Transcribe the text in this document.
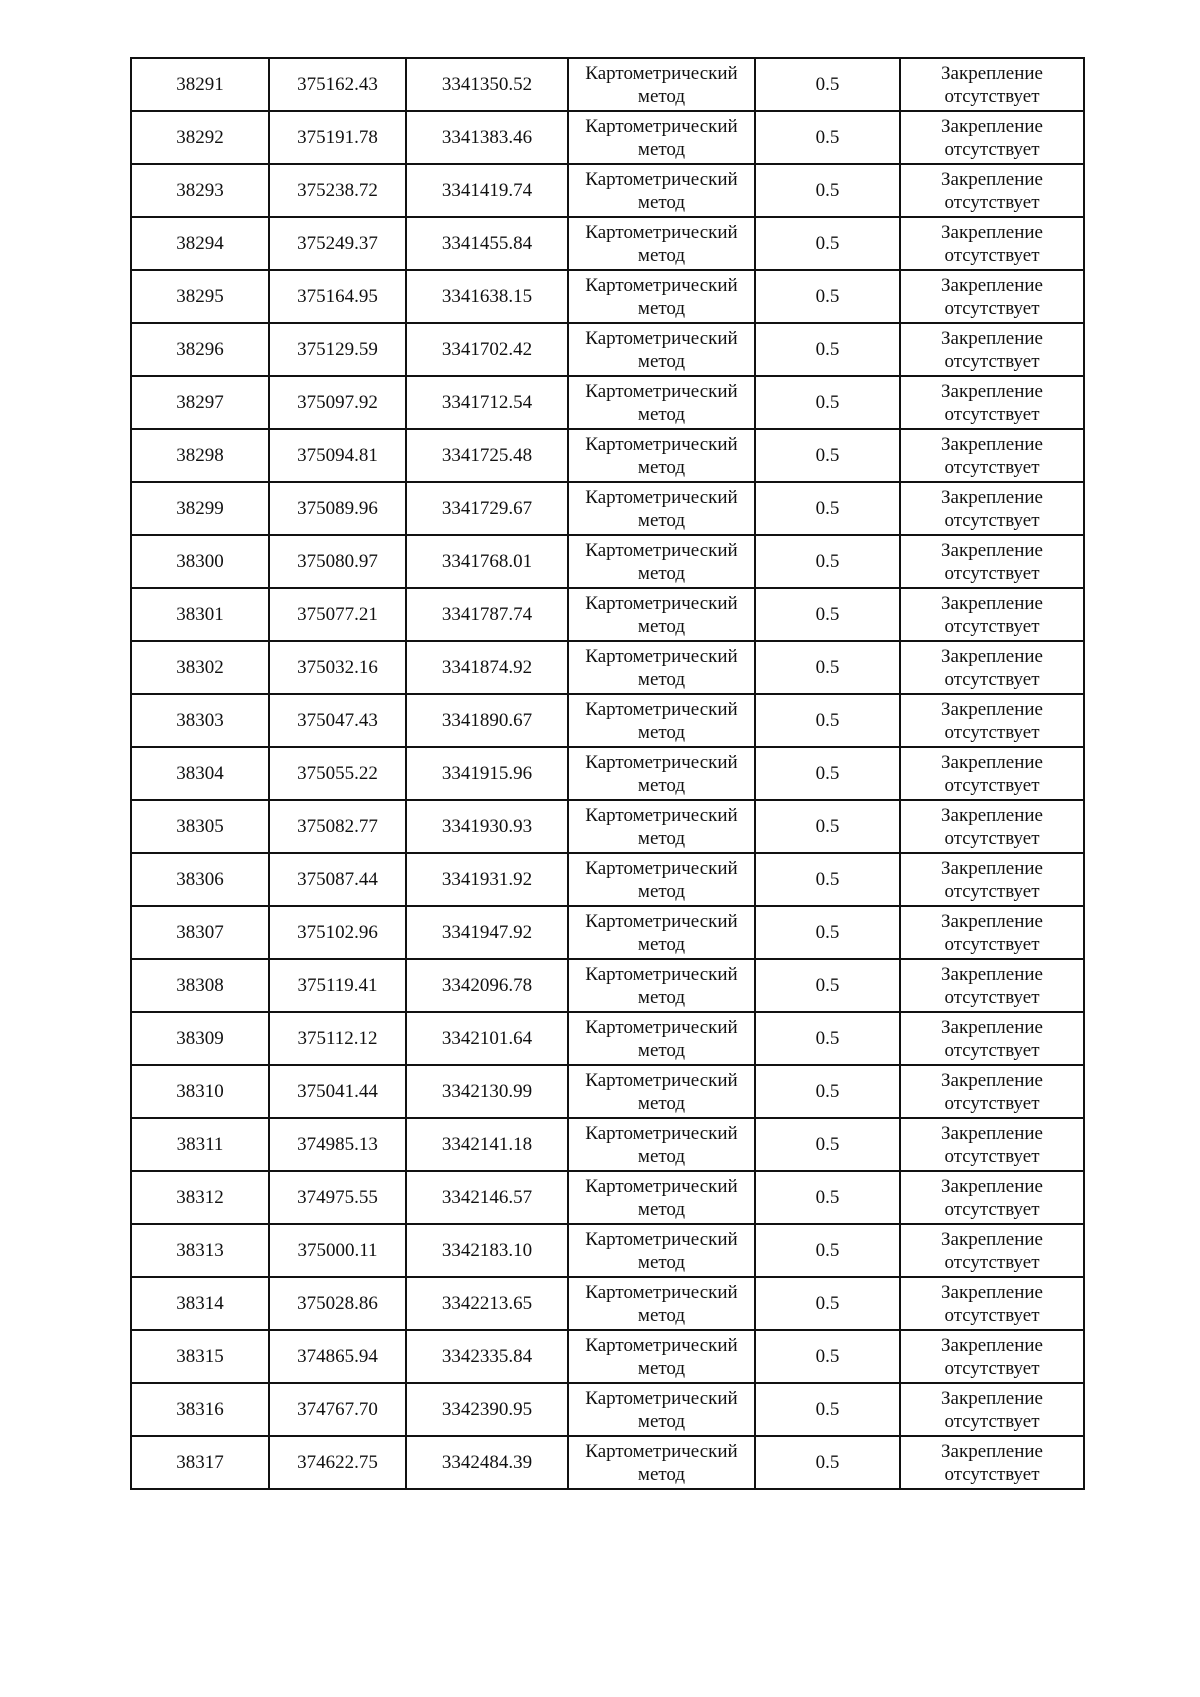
38291	375162.43	3341350.52	Картометрический
метод	0.5	Закрепление
отсутствует

38292	375191.78	3341383.46	Картометрический
метод	0.5	Закрепление
отсутствует

38293	375238.72	3341419.74	Картометрический
метод	0.5	Закрепление
отсутствует

38294	375249.37	3341455.84	Картометрический
метод	0.5	Закрепление
отсутствует

38295	375164.95	3341638.15	Картометрический
метод	0.5	Закрепление
отсутствует

38296	375129.59	3341702.42	Картометрический
метод	0.5	Закрепление
отсутствует

38297	375097.92	3341712.54	Картометрический
метод	0.5	Закрепление
отсутствует

38298	375094.81	3341725.48	Картометрический
метод	0.5	Закрепление
отсутствует

38299	375089.96	3341729.67	Картометрический
метод	0.5	Закрепление
отсутствует

38300	375080.97	3341768.01	Картометрический
метод	0.5	Закрепление
отсутствует

38301	375077.21	3341787.74	Картометрический
метод	0.5	Закрепление
отсутствует

38302	375032.16	3341874.92	Картометрический
метод	0.5	Закрепление
отсутствует

38303	375047.43	3341890.67	Картометрический
метод	0.5	Закрепление
отсутствует

38304	375055.22	3341915.96	Картометрический
метод	0.5	Закрепление
отсутствует

38305	375082.77	3341930.93	Картометрический
метод	0.5	Закрепление
отсутствует

38306	375087.44	3341931.92	Картометрический
метод	0.5	Закрепление
отсутствует

38307	375102.96	3341947.92	Картометрический
метод	0.5	Закрепление
отсутствует

38308	375119.41	3342096.78	Картометрический
метод	0.5	Закрепление
отсутствует

38309	375112.12	3342101.64	Картометрический
метод	0.5	Закрепление
отсутствует

38310	375041.44	3342130.99	Картометрический
метод	0.5	Закрепление
отсутствует

38311	374985.13	3342141.18	Картометрический
метод	0.5	Закрепление
отсутствует

38312	374975.55	3342146.57	Картометрический
метод	0.5	Закрепление
отсутствует

38313	375000.11	3342183.10	Картометрический
метод	0.5	Закрепление
отсутствует

38314	375028.86	3342213.65	Картометрический
метод	0.5	Закрепление
отсутствует

38315	374865.94	3342335.84	Картометрический
метод	0.5	Закрепление
отсутствует

38316	374767.70	3342390.95	Картометрический
метод	0.5	Закрепление
отсутствует

38317	374622.75	3342484.39	Картометрический
метод	0.5	Закрепление
отсутствует
